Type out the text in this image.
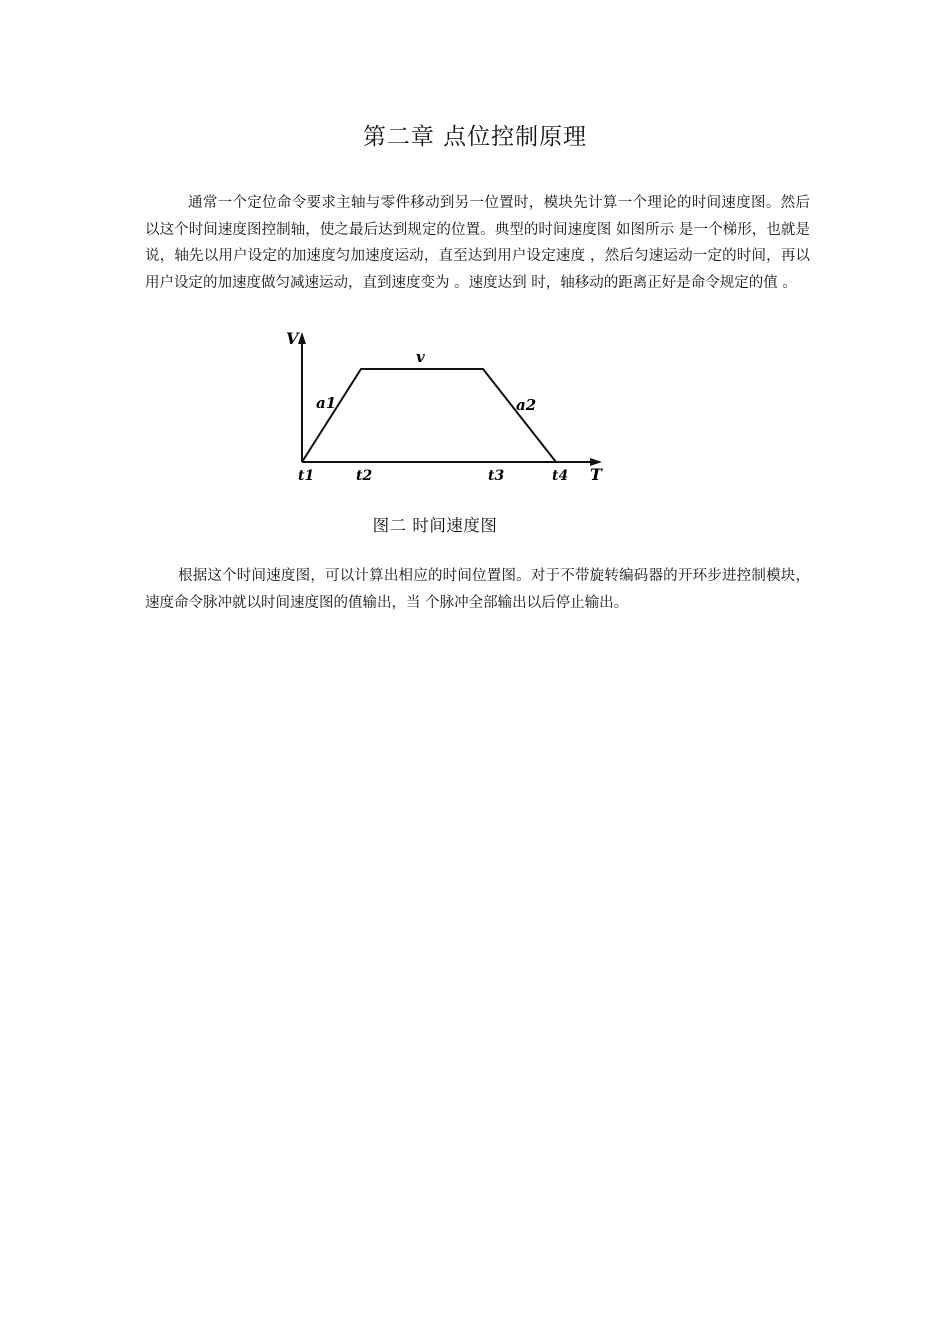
第二章 点位控制原理

通常一个定位命令要求主轴与零件移动到另一位置时，模块先计算一个理论的时间速度图。然后以这个时间速度图控制轴，使之最后达到规定的位置。典型的时间速度图 如图所示 是一个梯形，也就是说，轴先以用户设定的加速度匀加速度运动，直至达到用户设定速度 ，然后匀速运动一定的时间，再以用户设定的加速度做匀减速运动，直到速度变为 。速度达到 时，轴移动的距离正好是命令规定的值 。

V
T
v
a1	a2
t1	t2	t3	t4

图二 时间速度图

根据这个时间速度图，可以计算出相应的时间位置图。对于不带旋转编码器的开环步进控制模块，速度命令脉冲就以时间速度图的值输出，当 个脉冲全部输出以后停止输出。
